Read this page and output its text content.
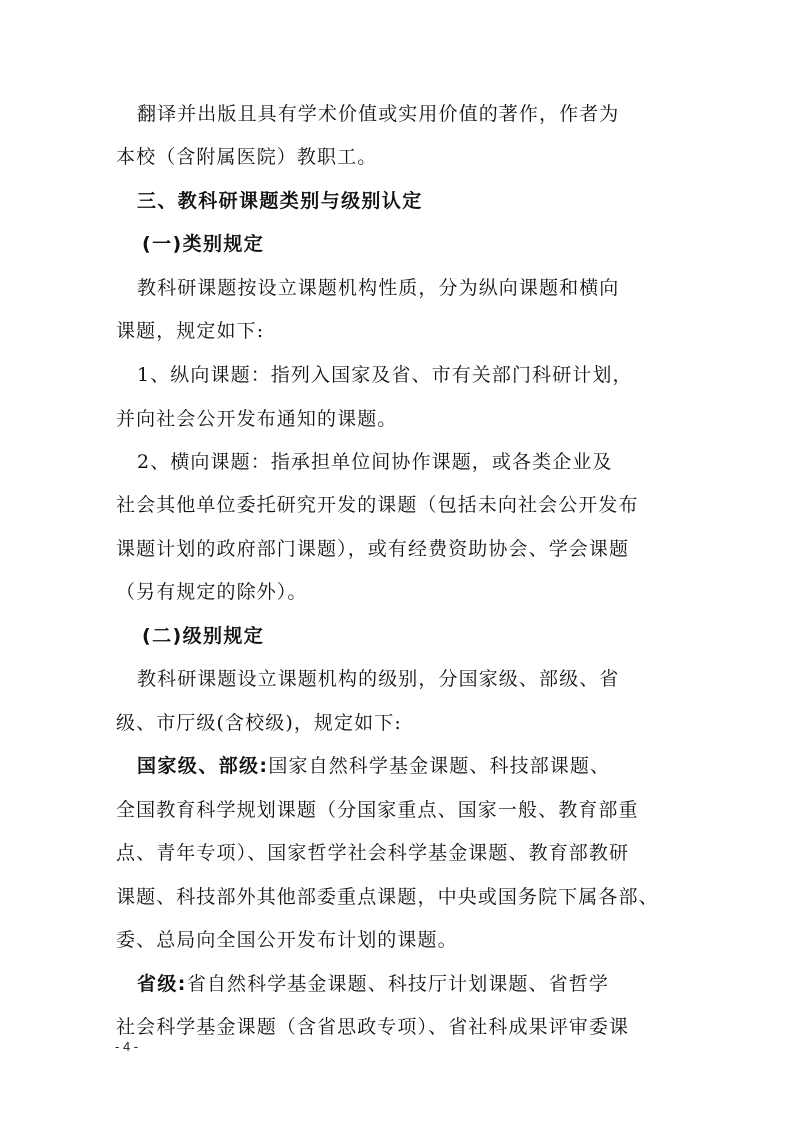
翻译并出版且具有学术价值或实用价值的著作，作者为
本校（含附属医院）教职工。
三、教科研课题类别与级别认定
(一)类别规定
教科研课题按设立课题机构性质，分为纵向课题和横向
课题，规定如下:
1、纵向课题：指列入国家及省、市有关部门科研计划，
并向社会公开发布通知的课题。
2、横向课题：指承担单位间协作课题，或各类企业及
社会其他单位委托研究开发的课题（包括未向社会公开发布
课题计划的政府部门课题），或有经费资助协会、学会课题
（另有规定的除外）。
(二)级别规定
教科研课题设立课题机构的级别，分国家级、部级、省
级、市厅级(含校级)，规定如下:
国家级、部级:国家自然科学基金课题、科技部课题、
全国教育科学规划课题（分国家重点、国家一般、教育部重
点、青年专项）、国家哲学社会科学基金课题、教育部教研
课题、科技部外其他部委重点课题，中央或国务院下属各部、
委、总局向全国公开发布计划的课题。
省级:省自然科学基金课题、科技厅计划课题、省哲学
社会科学基金课题（含省思政专项）、省社科成果评审委课
- 4 -
